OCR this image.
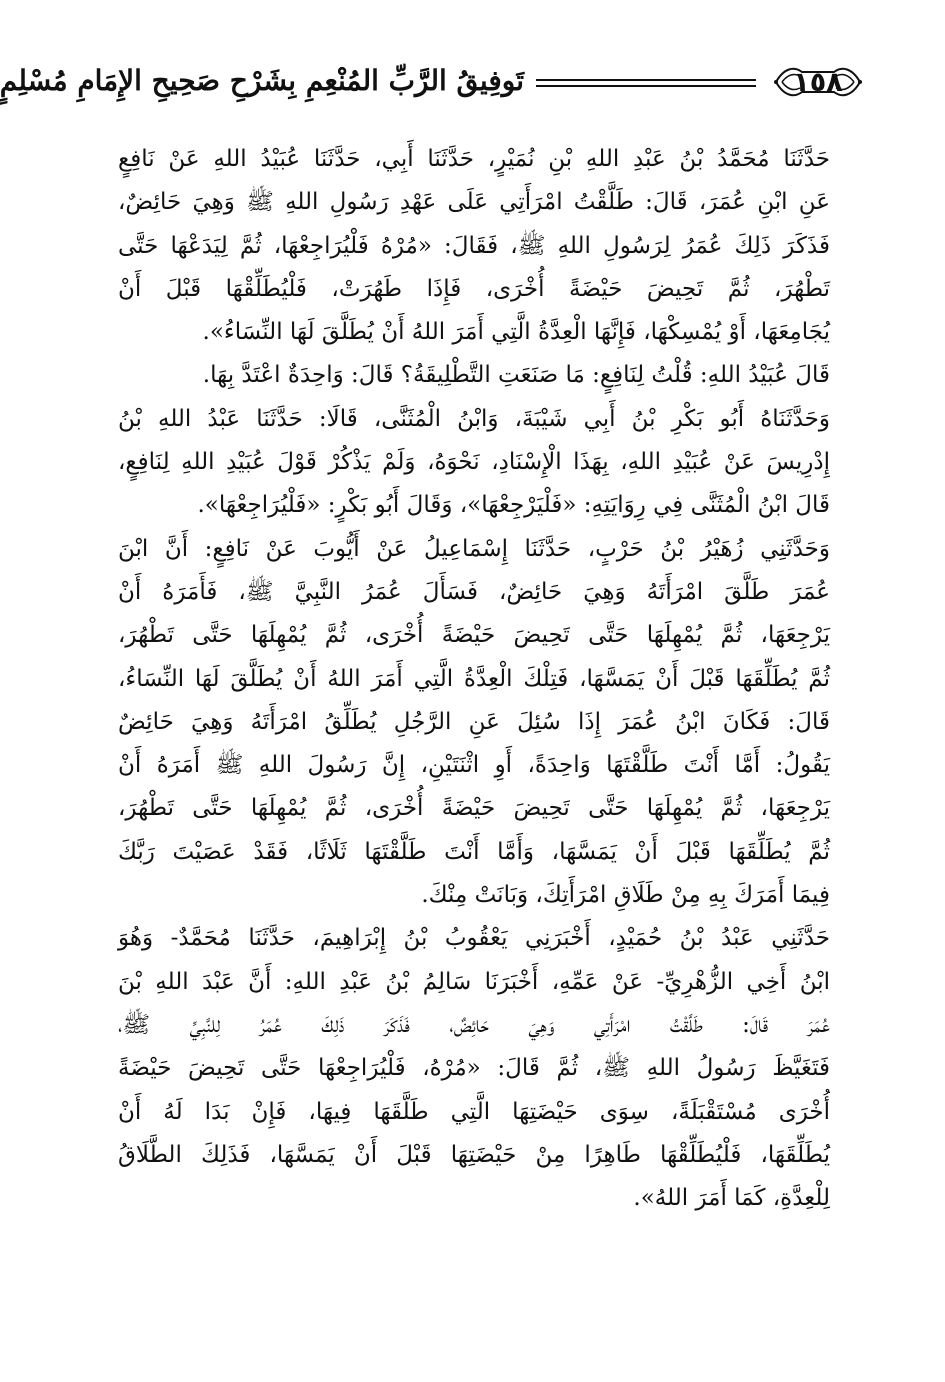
١٥٨
تَوفِيقُ الرَّبِّ المُنْعِمِ بِشَرْحِ صَحِيحِ الإِمَامِ مُسْلِمٍ
حَدَّثَنَا مُحَمَّدُ بْنُ عَبْدِ اللهِ بْنِ نُمَيْرٍ، حَدَّثَنَا أَبِي، حَدَّثَنَا عُبَيْدُ اللهِ عَنْ نَافِعٍ
عَنِ ابْنِ عُمَرَ، قَالَ: طَلَّقْتُ امْرَأَتِي عَلَى عَهْدِ رَسُولِ اللهِ ﷺ وَهِيَ حَائِضٌ،
فَذَكَرَ ذَلِكَ عُمَرُ لِرَسُولِ اللهِ ﷺ، فَقَالَ: «مُرْهُ فَلْيُرَاجِعْهَا، ثُمَّ لِيَدَعْهَا حَتَّى
تَطْهُرَ، ثُمَّ تَحِيضَ حَيْضَةً أُخْرَى، فَإِذَا طَهُرَتْ، فَلْيُطَلِّقْهَا قَبْلَ أَنْ
يُجَامِعَهَا، أَوْ يُمْسِكْهَا، فَإِنَّهَا الْعِدَّةُ الَّتِي أَمَرَ اللهُ أَنْ يُطَلَّقَ لَهَا النِّسَاءُ».
قَالَ عُبَيْدُ اللهِ: قُلْتُ لِنَافِعٍ: مَا صَنَعَتِ التَّطْلِيقَةُ؟ قَالَ: وَاحِدَةٌ اعْتَدَّ بِهَا.
وَحَدَّثَنَاهُ أَبُو بَكْرِ بْنُ أَبِي شَيْبَةَ، وَابْنُ الْمُثَنَّى، قَالَا: حَدَّثَنَا عَبْدُ اللهِ بْنُ
إِدْرِيسَ عَنْ عُبَيْدِ اللهِ، بِهَذَا الْإِسْنَادِ، نَحْوَهُ، وَلَمْ يَذْكُرْ قَوْلَ عُبَيْدِ اللهِ لِنَافِعٍ،
قَالَ ابْنُ الْمُثَنَّى فِي رِوَايَتِهِ: «فَلْيَرْجِعْهَا»، وَقَالَ أَبُو بَكْرٍ: «فَلْيُرَاجِعْهَا».
وَحَدَّثَنِي زُهَيْرُ بْنُ حَرْبٍ، حَدَّثَنَا إِسْمَاعِيلُ عَنْ أَيُّوبَ عَنْ نَافِعٍ: أَنَّ ابْنَ
عُمَرَ طَلَّقَ امْرَأَتَهُ وَهِيَ حَائِضٌ، فَسَأَلَ عُمَرُ النَّبِيَّ ﷺ، فَأَمَرَهُ أَنْ
يَرْجِعَهَا، ثُمَّ يُمْهِلَهَا حَتَّى تَحِيضَ حَيْضَةً أُخْرَى، ثُمَّ يُمْهِلَهَا حَتَّى تَطْهُرَ،
ثُمَّ يُطَلِّقَهَا قَبْلَ أَنْ يَمَسَّهَا، فَتِلْكَ الْعِدَّةُ الَّتِي أَمَرَ اللهُ أَنْ يُطَلَّقَ لَهَا النِّسَاءُ،
قَالَ: فَكَانَ ابْنُ عُمَرَ إِذَا سُئِلَ عَنِ الرَّجُلِ يُطَلِّقُ امْرَأَتَهُ وَهِيَ حَائِضٌ
يَقُولُ: أَمَّا أَنْتَ طَلَّقْتَهَا وَاحِدَةً، أَوِ اثْنَتَيْنِ، إِنَّ رَسُولَ اللهِ ﷺ أَمَرَهُ أَنْ
يَرْجِعَهَا، ثُمَّ يُمْهِلَهَا حَتَّى تَحِيضَ حَيْضَةً أُخْرَى، ثُمَّ يُمْهِلَهَا حَتَّى تَطْهُرَ،
ثُمَّ يُطَلِّقَهَا قَبْلَ أَنْ يَمَسَّهَا، وَأَمَّا أَنْتَ طَلَّقْتَهَا ثَلَاثًا، فَقَدْ عَصَيْتَ رَبَّكَ
فِيمَا أَمَرَكَ بِهِ مِنْ طَلَاقِ امْرَأَتِكَ، وَبَانَتْ مِنْكَ.
حَدَّثَنِي عَبْدُ بْنُ حُمَيْدٍ، أَخْبَرَنِي يَعْقُوبُ بْنُ إِبْرَاهِيمَ، حَدَّثَنَا مُحَمَّدٌ- وَهُوَ
ابْنُ أَخِي الزُّهْرِيِّ- عَنْ عَمِّهِ، أَخْبَرَنَا سَالِمُ بْنُ عَبْدِ اللهِ: أَنَّ عَبْدَ اللهِ بْنَ
عُمَرَ قَالَ: طَلَّقْتُ امْرَأَتِي وَهِيَ حَائِضٌ، فَذَكَرَ ذَلِكَ عُمَرُ لِلنَّبِيِّ ﷺ،
فَتَغَيَّظَ رَسُولُ اللهِ ﷺ، ثُمَّ قَالَ: «مُرْهُ، فَلْيُرَاجِعْهَا حَتَّى تَحِيضَ حَيْضَةً
أُخْرَى مُسْتَقْبَلَةً، سِوَى حَيْضَتِهَا الَّتِي طَلَّقَهَا فِيهَا، فَإِنْ بَدَا لَهُ أَنْ
يُطَلِّقَهَا، فَلْيُطَلِّقْهَا طَاهِرًا مِنْ حَيْضَتِهَا قَبْلَ أَنْ يَمَسَّهَا، فَذَلِكَ الطَّلَاقُ
لِلْعِدَّةِ، كَمَا أَمَرَ اللهُ».
